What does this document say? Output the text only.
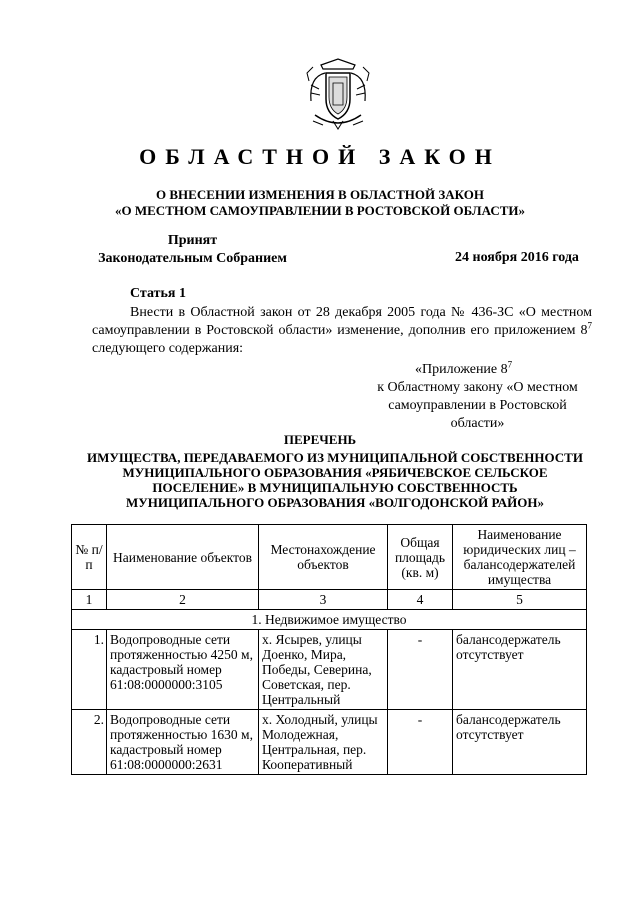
ОБЛАСТНОЙ ЗАКОН
О ВНЕСЕНИИ ИЗМЕНЕНИЯ В ОБЛАСТНОЙ ЗАКОН
«О МЕСТНОМ САМОУПРАВЛЕНИИ В РОСТОВСКОЙ ОБЛАСТИ»
Принят
Законодательным Собранием	24 ноября 2016 года
Статья 1
Внести в Областной закон от 28 декабря 2005 года № 436-ЗС «О местном самоуправлении в Ростовской области» изменение, дополнив его приложением $8^7$ следующего содержания:
«Приложение $8^7$
к Областному закону «О местном
самоуправлении в Ростовской области»
ПЕРЕЧЕНЬ
ИМУЩЕСТВА, ПЕРЕДАВАЕМОГО ИЗ МУНИЦИПАЛЬНОЙ СОБСТВЕННОСТИ
МУНИЦИПАЛЬНОГО ОБРАЗОВАНИЯ «РЯБИЧЕВСКОЕ СЕЛЬСКОЕ
ПОСЕЛЕНИЕ» В МУНИЦИПАЛЬНУЮ СОБСТВЕННОСТЬ
МУНИЦИПАЛЬНОГО ОБРАЗОВАНИЯ «ВОЛГОДОНСКОЙ РАЙОН»
№ п/п	Наименование объектов	Местонахождение объектов	Общая площадь (кв. м)	Наименование юридических лиц – балансодержателей имущества
1	2	3	4	5
1. Недвижимое имущество				
1.	Водопроводные сети протяженностью 4250 м, кадастровый номер 61:08:0000000:3105	х. Ясырев, улицы Доенко, Мира, Победы, Северина, Советская, пер. Центральный	-	балансодержатель отсутствует
2.	Водопроводные сети протяженностью 1630 м, кадастровый номер 61:08:0000000:2631	х. Холодный, улицы Молодежная, Центральная, пер. Кооперативный	-	балансодержатель отсутствует
